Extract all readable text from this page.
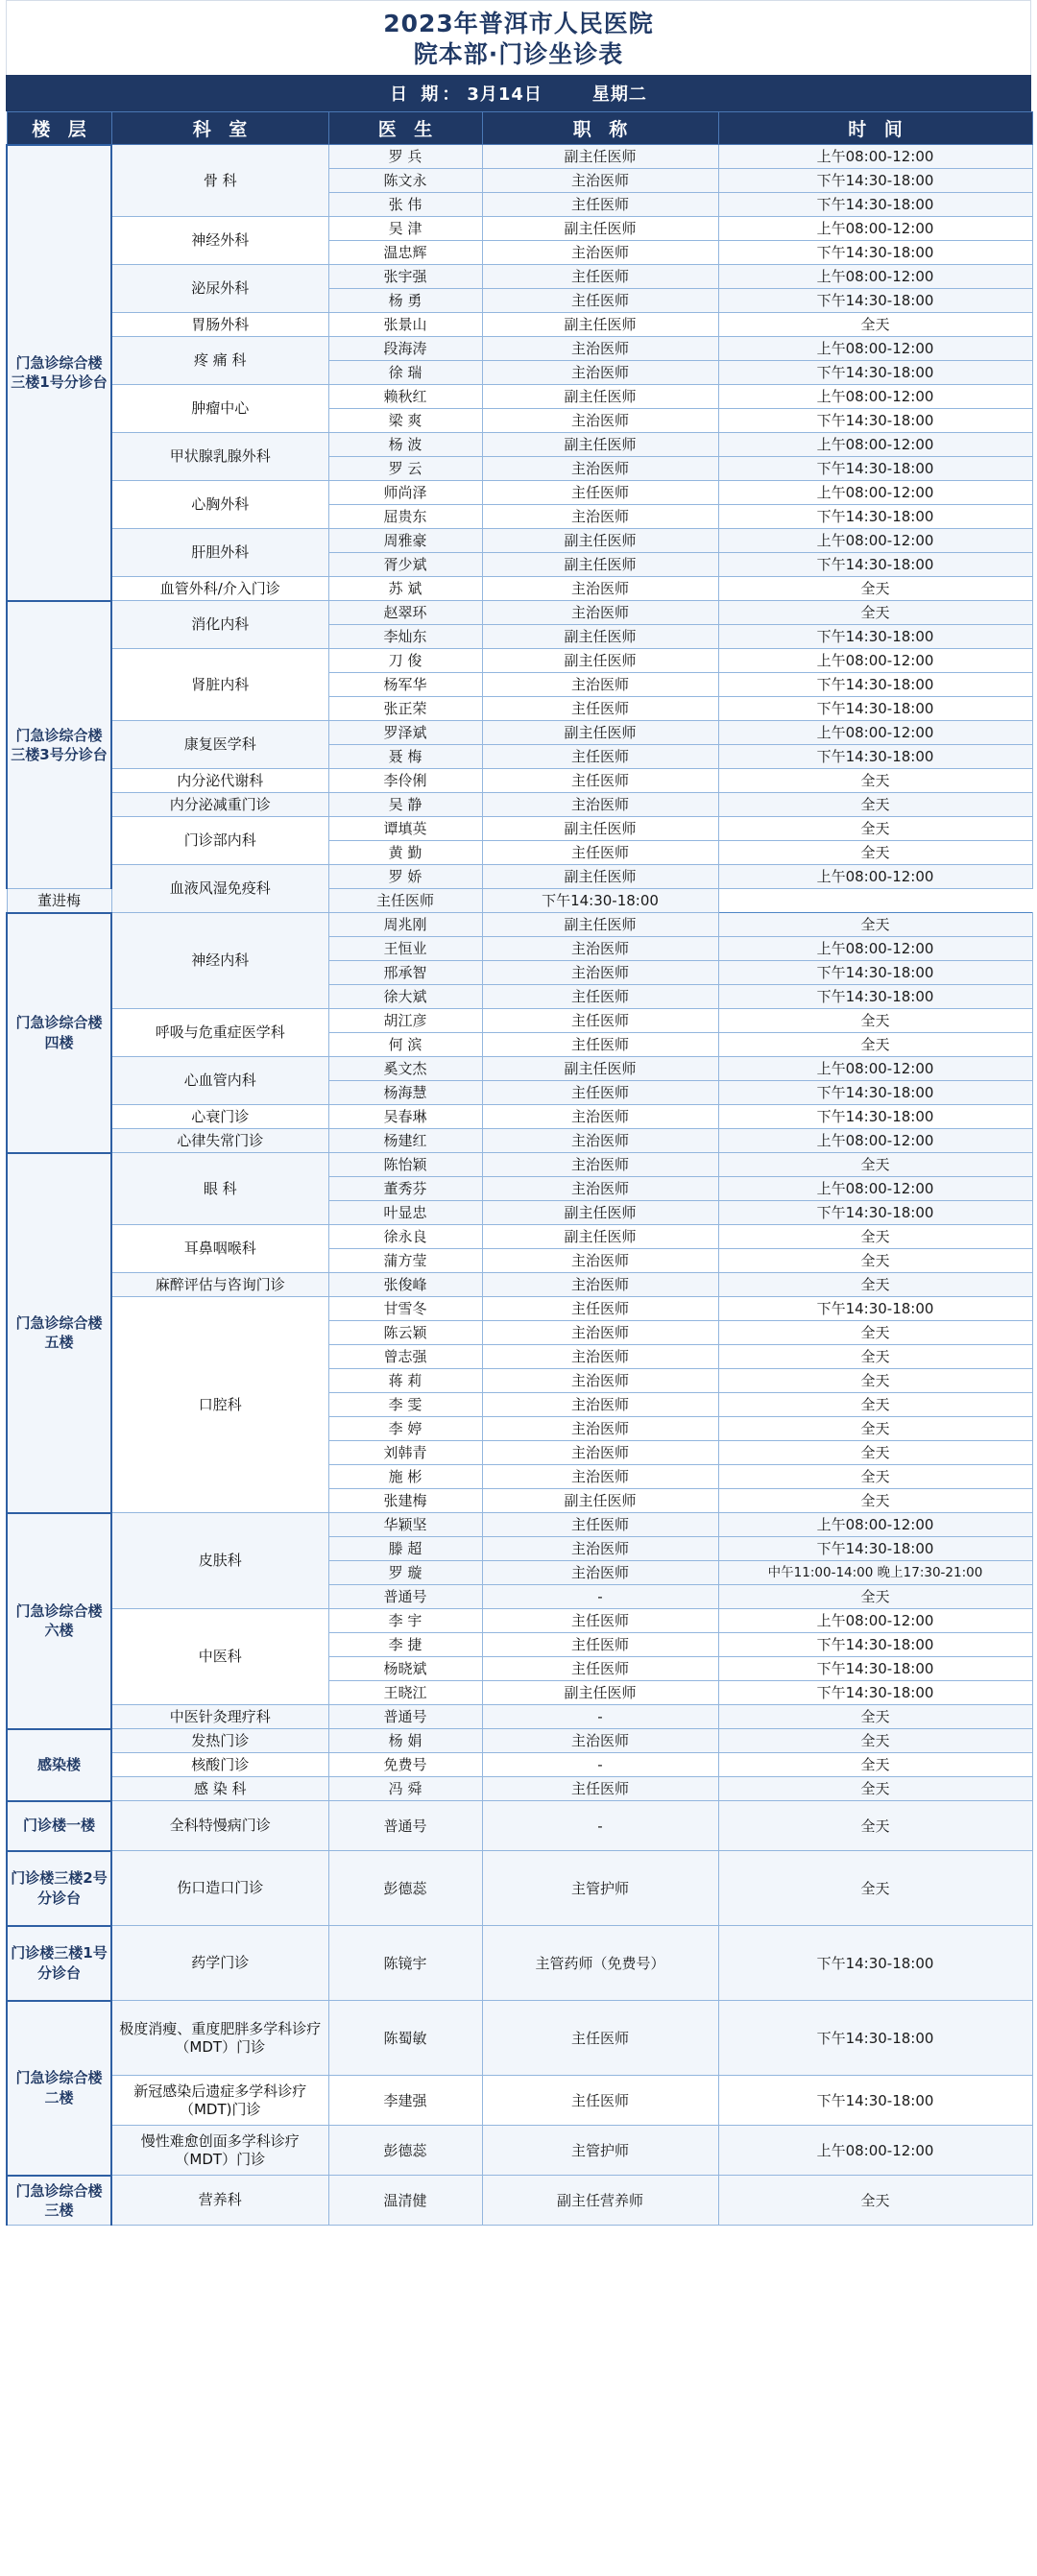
2023年普洱市人民医院
院本部·门诊坐诊表
日 期： 3月14日	星期二
楼 层	科 室	医 生	职 称	时 间
门急诊综合楼三楼1号分诊台	骨 科	罗 兵	副主任医师	上午08:00-12:00
		陈文永	主治医师	下午14:30-18:00
		张 伟	主任医师	下午14:30-18:00
	神经外科	吴 津	副主任医师	上午08:00-12:00
		温忠辉	主治医师	下午14:30-18:00
	泌尿外科	张宇强	主任医师	上午08:00-12:00
		杨 勇	主任医师	下午14:30-18:00
	胃肠外科	张景山	副主任医师	全天
	疼 痛 科	段海涛	主治医师	上午08:00-12:00
		徐 瑞	主治医师	下午14:30-18:00
	肿瘤中心	赖秋红	副主任医师	上午08:00-12:00
		梁 爽	主治医师	下午14:30-18:00
	甲状腺乳腺外科	杨 波	副主任医师	上午08:00-12:00
		罗 云	主治医师	下午14:30-18:00
	心胸外科	师尚泽	主任医师	上午08:00-12:00
		屈贵东	主治医师	下午14:30-18:00
	肝胆外科	周雅豪	副主任医师	上午08:00-12:00
		胥少斌	副主任医师	下午14:30-18:00
	血管外科/介入门诊	苏 斌	主治医师	全天
门急诊综合楼三楼3号分诊台	消化内科	赵翠环	主治医师	全天
		李灿东	副主任医师	下午14:30-18:00
	肾脏内科	刀 俊	副主任医师	上午08:00-12:00
		杨军华	主治医师	下午14:30-18:00
		张正荣	主任医师	下午14:30-18:00
	康复医学科	罗泽斌	副主任医师	上午08:00-12:00
		聂 梅	主任医师	下午14:30-18:00
	内分泌代谢科	李伶俐	主任医师	全天
	内分泌减重门诊	吴 静	主治医师	全天
	门诊部内科	谭填英	副主任医师	全天
		黄 勤	主任医师	全天
	血液风湿免疫科	罗 娇	副主任医师	上午08:00-12:00
董进梅		主任医师	下午14:30-18:00	
门急诊综合楼四楼	神经内科	周兆刚	副主任医师	全天
		王恒业	主治医师	上午08:00-12:00
		邢承智	主治医师	下午14:30-18:00
		徐大斌	主任医师	下午14:30-18:00
	呼吸与危重症医学科	胡江彦	主任医师	全天
		何 滨	主任医师	全天
	心血管内科	奚文杰	副主任医师	上午08:00-12:00
		杨海慧	主任医师	下午14:30-18:00
	心衰门诊	吴春琳	主治医师	下午14:30-18:00
	心律失常门诊	杨建红	主治医师	上午08:00-12:00
门急诊综合楼五楼	眼 科	陈怡颖	主治医师	全天
		董秀芬	主治医师	上午08:00-12:00
		叶显忠	副主任医师	下午14:30-18:00
	耳鼻咽喉科	徐永良	副主任医师	全天
		蒲方莹	主治医师	全天
	麻醉评估与咨询门诊	张俊峰	主治医师	全天
	口腔科	甘雪冬	主任医师	下午14:30-18:00
		陈云颖	主治医师	全天
		曾志强	主治医师	全天
		蒋 莉	主治医师	全天
		李 雯	主治医师	全天
		李 婷	主治医师	全天
		刘韩青	主治医师	全天
		施 彬	主治医师	全天
		张建梅	副主任医师	全天
门急诊综合楼六楼	皮肤科	华颖坚	主任医师	上午08:00-12:00
		滕 超	主治医师	下午14:30-18:00
		罗 璇	主治医师	中午11:00-14:00 晚上17:30-21:00
		普通号	-	全天
	中医科	李 宇	主任医师	上午08:00-12:00
		李 捷	主任医师	下午14:30-18:00
		杨晓斌	主任医师	下午14:30-18:00
		王晓江	副主任医师	下午14:30-18:00
	中医针灸理疗科	普通号	-	全天
感染楼	发热门诊	杨 娟	主治医师	全天
	核酸门诊	免费号	-	全天
	感 染 科	冯 舜	主任医师	全天
门诊楼一楼	全科特慢病门诊	普通号	-	全天
门诊楼三楼2号分诊台	伤口造口门诊	彭德蕊	主管护师	全天
门诊楼三楼1号分诊台	药学门诊	陈镜宇	主管药师（免费号）	下午14:30-18:00
门急诊综合楼二楼	极度消瘦、重度肥胖多学科诊疗（MDT）门诊	陈蜀敏	主任医师	下午14:30-18:00
	新冠感染后遗症多学科诊疗（MDT)门诊	李建强	主任医师	下午14:30-18:00
	慢性难愈创面多学科诊疗（MDT）门诊	彭德蕊	主管护师	上午08:00-12:00
门急诊综合楼三楼	营养科	温清健	副主任营养师	全天
